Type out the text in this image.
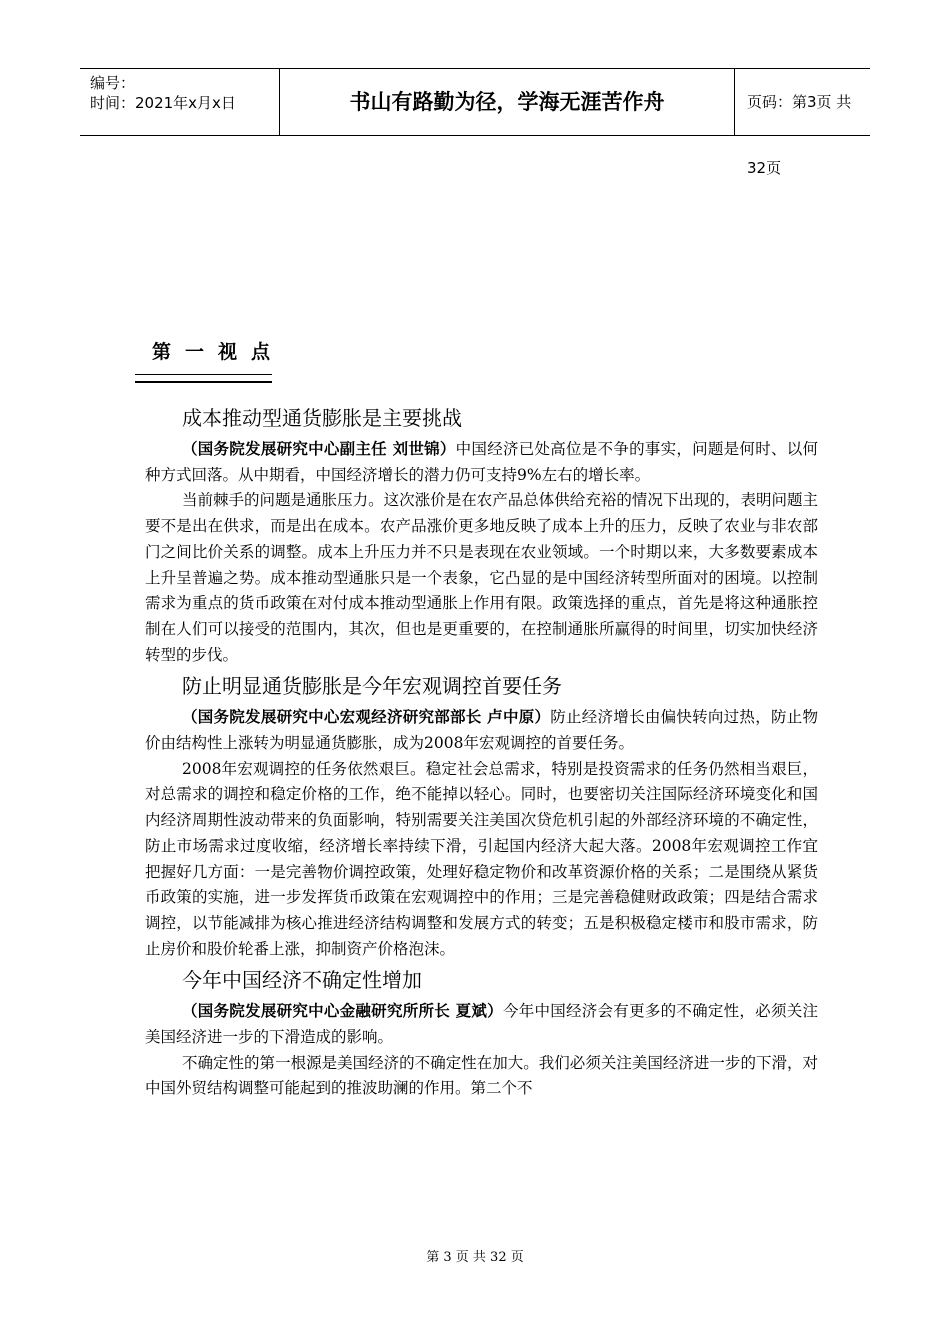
编号：
时间：2021年x月x日	书山有路勤为径，学海无涯苦作舟	页码：第3页 共32页
第一视点
成本推动型通货膨胀是主要挑战

（国务院发展研究中心副主任 刘世锦）中国经济已处高位是不争的事实，问题是何时、以何种方式回落。从中期看，中国经济增长的潜力仍可支持9%左右的增长率。

当前棘手的问题是通胀压力。这次涨价是在农产品总体供给充裕的情况下出现的，表明问题主要不是出在供求，而是出在成本。农产品涨价更多地反映了成本上升的压力，反映了农业与非农部门之间比价关系的调整。成本上升压力并不只是表现在农业领域。一个时期以来，大多数要素成本上升呈普遍之势。成本推动型通胀只是一个表象，它凸显的是中国经济转型所面对的困境。以控制需求为重点的货币政策在对付成本推动型通胀上作用有限。政策选择的重点，首先是将这种通胀控制在人们可以接受的范围内，其次，但也是更重要的，在控制通胀所赢得的时间里，切实加快经济转型的步伐。

防止明显通货膨胀是今年宏观调控首要任务

（国务院发展研究中心宏观经济研究部部长 卢中原）防止经济增长由偏快转向过热，防止物价由结构性上涨转为明显通货膨胀，成为2008年宏观调控的首要任务。

2008年宏观调控的任务依然艰巨。稳定社会总需求，特别是投资需求的任务仍然相当艰巨，对总需求的调控和稳定价格的工作，绝不能掉以轻心。同时，也要密切关注国际经济环境变化和国内经济周期性波动带来的负面影响，特别需要关注美国次贷危机引起的外部经济环境的不确定性，防止市场需求过度收缩，经济增长率持续下滑，引起国内经济大起大落。2008年宏观调控工作宜把握好几方面：一是完善物价调控政策，处理好稳定物价和改革资源价格的关系；二是围绕从紧货币政策的实施，进一步发挥货币政策在宏观调控中的作用；三是完善稳健财政政策；四是结合需求调控，以节能减排为核心推进经济结构调整和发展方式的转变；五是积极稳定楼市和股市需求，防止房价和股价轮番上涨，抑制资产价格泡沫。

今年中国经济不确定性增加

（国务院发展研究中心金融研究所所长 夏斌）今年中国经济会有更多的不确定性，必须关注美国经济进一步的下滑造成的影响。

不确定性的第一根源是美国经济的不确定性在加大。我们必须关注美国经济进一步的下滑，对中国外贸结构调整可能起到的推波助澜的作用。第二个不

第 3 页 共 32 页
